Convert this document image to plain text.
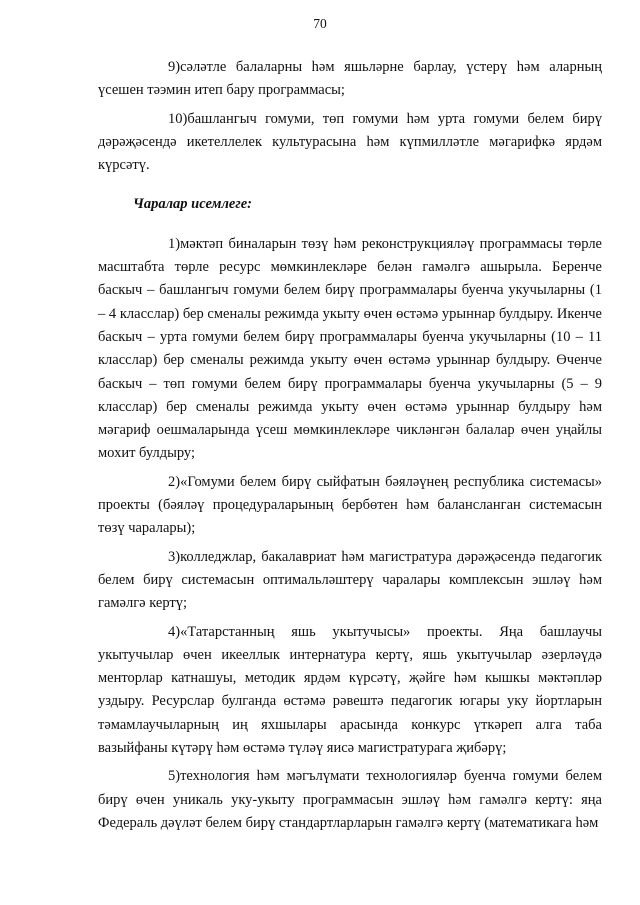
70

9)сәләтле балаларны һәм яшьләрне барлау, үстерү һәм аларның үсешен тәэмин итеп бару программасы;

10)башлангыч гомуми, төп гомуми һәм урта гомуми белем бирү дәрәҗәсендә икетеллелек культурасына һәм күпмилләтле мәгарифкә ярдәм күрсәтү.

Чаралар исемлеге:

1)мәктәп биналарын төзү һәм реконструкцияләү программасы төрле масштабта төрле ресурс мөмкинлекләре белән гамәлгә ашырыла. Беренче баскыч – башлангыч гомуми белем бирү программалары буенча укучыларны (1 – 4 класслар) бер сменалы режимда укыту өчен өстәмә урыннар булдыру. Икенче баскыч – урта гомуми белем бирү программалары буенча укучыларны (10 – 11 класслар) бер сменалы режимда укыту өчен өстәмә урыннар булдыру. Өченче баскыч – төп гомуми белем бирү программалары буенча укучыларны (5 – 9 класслар) бер сменалы режимда укыту өчен өстәмә урыннар булдыру һәм мәгариф оешмаларында үсеш мөмкинлекләре чикләнгән балалар өчен уңайлы мохит булдыру;

2)«Гомуми белем бирү сыйфатын бәяләүнең республика системасы» проекты (бәяләү процедураларының бербөтен һәм балансланган системасын төзү чаралары);

3)колледжлар, бакалавриат һәм магистратура дәрәҗәсендә педагогик белем бирү системасын оптимальләштерү чаралары комплексын эшләү һәм гамәлгә кертү;

4)«Татарстанның яшь укытучысы» проекты. Яңа башлаучы укытучылар өчен икееллык интернатура кертү, яшь укытучылар әзерләүдә менторлар катнашуы, методик ярдәм күрсәтү, җәйге һәм кышкы мәктәпләр уздыру. Ресурслар булганда өстәмә рәвештә педагогик югары уку йортларын тәмамлаучыларның иң яхшылары арасында конкурс үткәреп алга таба вазыйфаны күтәрү һәм өстәмә түләү яисә магистратурага җибәрү;

5)технология һәм мәгълүмати технологияләр буенча гомуми белем бирү өчен уникаль уку-укыту программасын эшләү һәм гамәлгә кертү: яңа Федераль дәүләт белем бирү стандартларларын гамәлгә кертү (математикага һәм
